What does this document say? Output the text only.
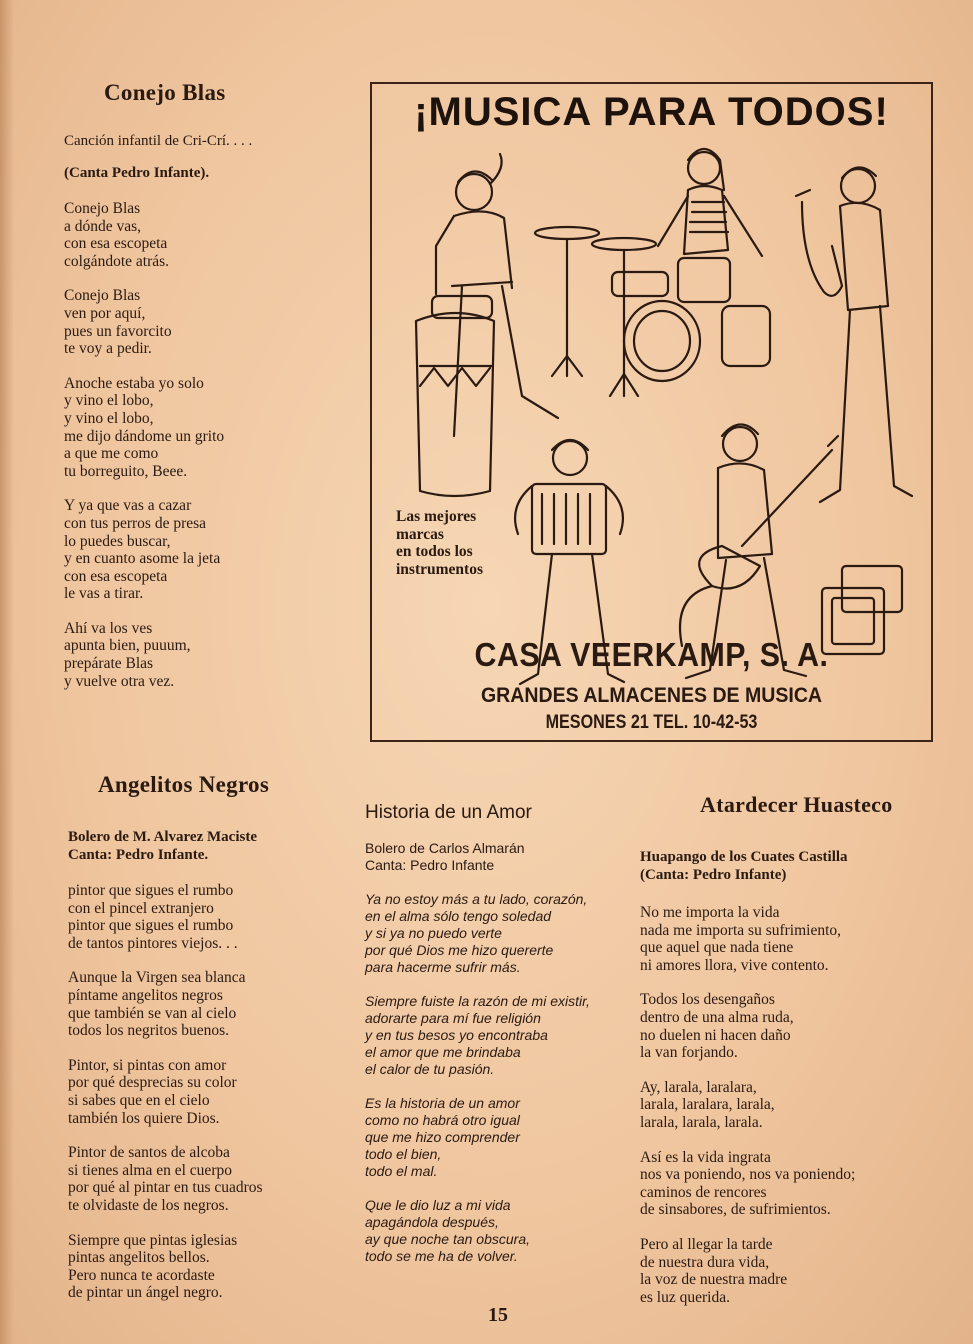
Conejo Blas

Canción infantil de Cri-Crí. . . .

(Canta Pedro Infante).

Conejo Blas
a dónde vas,
con esa escopeta
colgándote atrás.

Conejo Blas
ven por aquí,
pues un favorcito
te voy a pedir.

Anoche estaba yo solo
y vino el lobo,
y vino el lobo,
me dijo dándome un grito
a que me como
tu borreguito, Beee.

Y ya que vas a cazar
con tus perros de presa
lo puedes buscar,
y en cuanto asome la jeta
con esa escopeta
le vas a tirar.

Ahí va los ves
apunta bien, puuum,
prepárate Blas
y vuelve otra vez.

¡MUSICA PARA TODOS!
Las mejores
marcas
en todos los
instrumentos
CASA VEERKAMP, S. A.
GRANDES ALMACENES DE MUSICA
MESONES 21 TEL. 10-42-53
Angelitos Negros

Bolero de M. Alvarez Maciste

Canta: Pedro Infante.

pintor que sigues el rumbo
con el pincel extranjero
pintor que sigues el rumbo
de tantos pintores viejos. . .

Aunque la Virgen sea blanca
píntame angelitos negros
que también se van al cielo
todos los negritos buenos.

Pintor, si pintas con amor
por qué desprecias su color
si sabes que en el cielo
también los quiere Dios.

Pintor de santos de alcoba
si tienes alma en el cuerpo
por qué al pintar en tus cuadros
te olvidaste de los negros.

Siempre que pintas iglesias
pintas angelitos bellos.
Pero nunca te acordaste
de pintar un ángel negro.

Historia de un Amor

Bolero de Carlos Almarán

Canta: Pedro Infante

Ya no estoy más a tu lado, corazón,
en el alma sólo tengo soledad
y si ya no puedo verte
por qué Dios me hizo quererte
para hacerme sufrir más.

Siempre fuiste la razón de mi existir,
adorarte para mí fue religión
y en tus besos yo encontraba
el amor que me brindaba
el calor de tu pasión.

Es la historia de un amor
como no habrá otro igual
que me hizo comprender
todo el bien,
todo el mal.

Que le dio luz a mi vida
apagándola después,
ay que noche tan obscura,
todo se me ha de volver.

Atardecer Huasteco

Huapango de los Cuates Castilla

(Canta: Pedro Infante)

No me importa la vida
nada me importa su sufrimiento,
que aquel que nada tiene
ni amores llora, vive contento.

Todos los desengaños
dentro de una alma ruda,
no duelen ni hacen daño
la van forjando.

Ay, larala, laralara,
larala, laralara, larala,
larala, larala, larala.

Así es la vida ingrata
nos va poniendo, nos va poniendo;
caminos de rencores
de sinsabores, de sufrimientos.

Pero al llegar la tarde
de nuestra dura vida,
la voz de nuestra madre
es luz querida.

15
